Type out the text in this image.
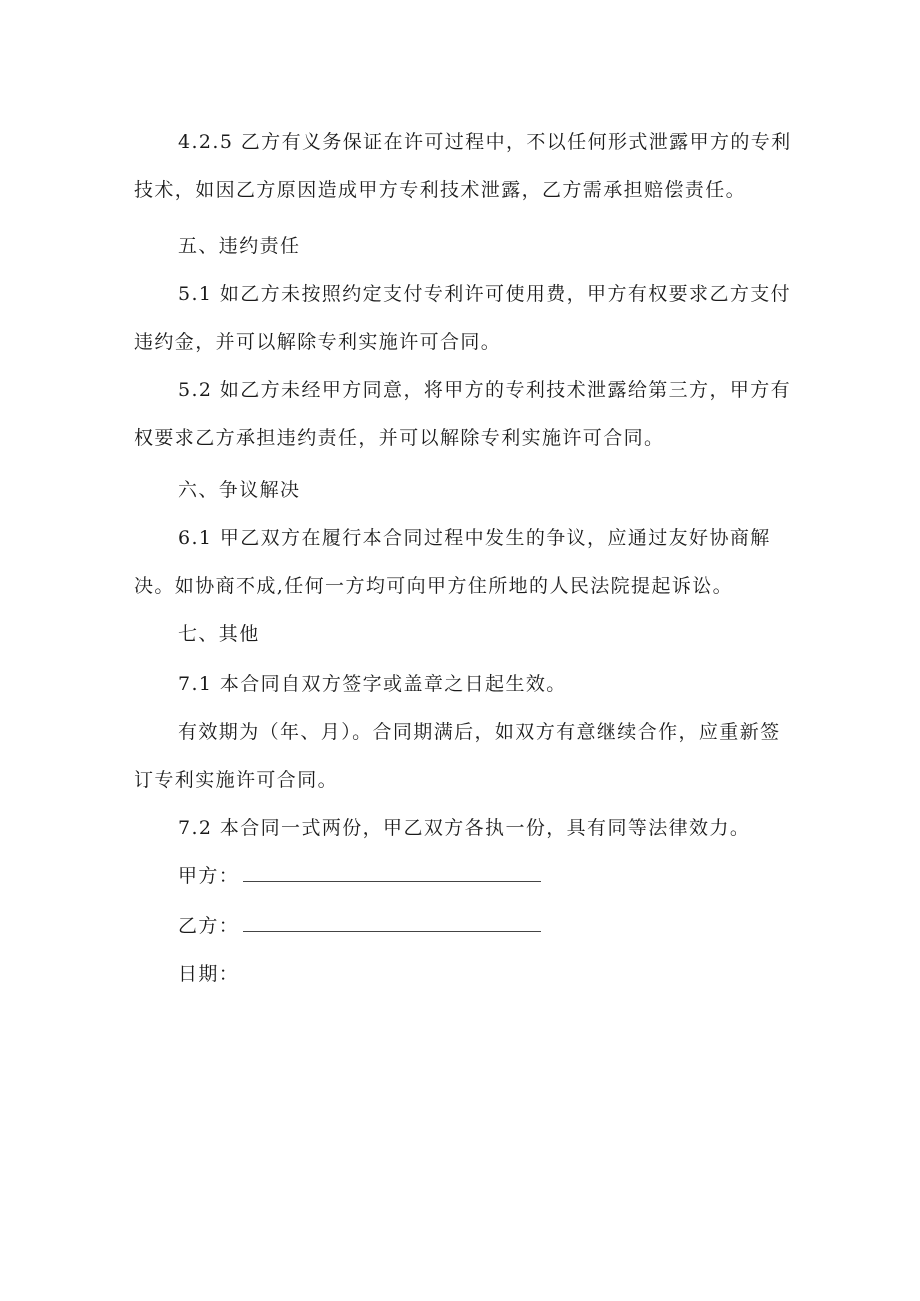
4.2.5 乙方有义务保证在许可过程中，不以任何形式泄露甲方的专利技术，如因乙方原因造成甲方专利技术泄露，乙方需承担赔偿责任。

五、违约责任

5.1 如乙方未按照约定支付专利许可使用费，甲方有权要求乙方支付违约金，并可以解除专利实施许可合同。

5.2 如乙方未经甲方同意，将甲方的专利技术泄露给第三方，甲方有权要求乙方承担违约责任，并可以解除专利实施许可合同。

六、争议解决

6.1 甲乙双方在履行本合同过程中发生的争议，应通过友好协商解决。如协商不成,任何一方均可向甲方住所地的人民法院提起诉讼。

七、其他

7.1 本合同自双方签字或盖章之日起生效。

有效期为（年、月）。合同期满后，如双方有意继续合作，应重新签订专利实施许可合同。

7.2 本合同一式两份，甲乙双方各执一份，具有同等法律效力。

甲方：
乙方：
日期：
